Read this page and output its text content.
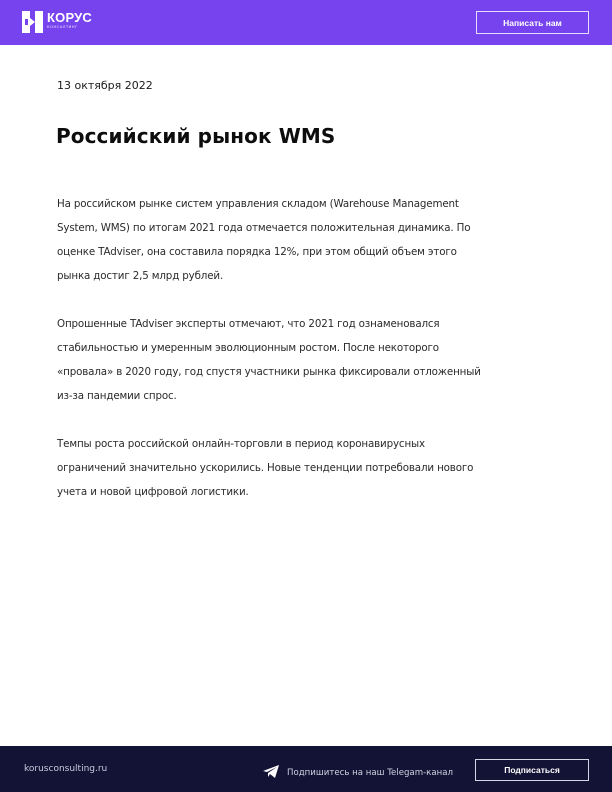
КОРУС
КОНСАЛТИНГ	Написать нам
13 октября 2022
Российский рынок WMS

На российском рынке систем управления складом (Warehouse Management
System, WMS) по итогам 2021 года отмечается положительная динамика. По
оценке TAdviser, она составила порядка 12%, при этом общий объем этого
рынка достиг 2,5 млрд рублей.

Опрошенные TAdviser эксперты отмечают, что 2021 год ознаменовался
стабильностью и умеренным эволюционным ростом. После некоторого
«провала» в 2020 году, год спустя участники рынка фиксировали отложенный
из-за пандемии спрос.

Темпы роста российской онлайн-торговли в период коронавирусных
ограничений значительно ускорились. Новые тенденции потребовали нового
учета и новой цифровой логистики.

korusconsulting.ru	Подпишитесь на наш Telegam-канал	Подписаться
